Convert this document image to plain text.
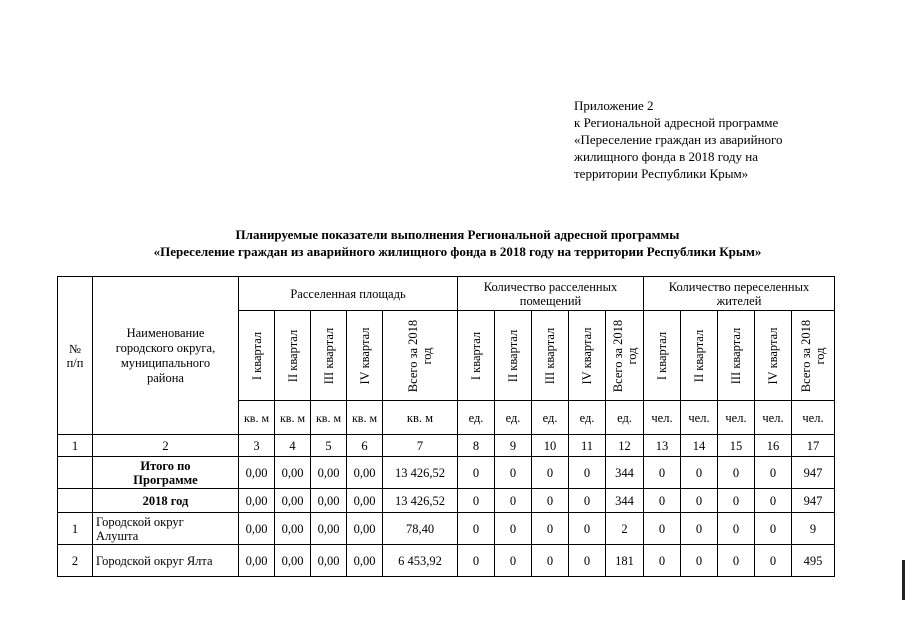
Приложение 2
к Региональной адресной программе
«Переселение граждан из аварийного
жилищного фонда в 2018 году на
территории Республики Крым»
Планируемые показатели выполнения Региональной адресной программы
«Переселение граждан из аварийного жилищного фонда в 2018 году на территории Республики Крым»
№ п/п	Наименование городского округа, муниципального района	Расселенная площадь					Количество расселенных помещений					Количество переселенных жителей				

		I квартал	II квартал	III квартал	IV квартал	Всего за 2018 год	I квартал	II квартал	III квартал	IV квартал	Всего за 2018 год	I квартал	II квартал	III квартал	IV квартал	Всего за 2018 год

		кв. м	кв. м	кв. м	кв. м	кв. м	ед.	ед.	ед.	ед.	ед.	чел.	чел.	чел.	чел.	чел.
1	2	3	4	5	6	7	8	9	10	11	12	13	14	15	16	17
	Итого по Программе	0,00	0,00	0,00	0,00	13 426,52	0	0	0	0	344	0	0	0	0	947
	2018 год	0,00	0,00	0,00	0,00	13 426,52	0	0	0	0	344	0	0	0	0	947
1	Городской округ Алушта	0,00	0,00	0,00	0,00	78,40	0	0	0	0	2	0	0	0	0	9
2	Городской округ Ялта	0,00	0,00	0,00	0,00	6 453,92	0	0	0	0	181	0	0	0	0	495
